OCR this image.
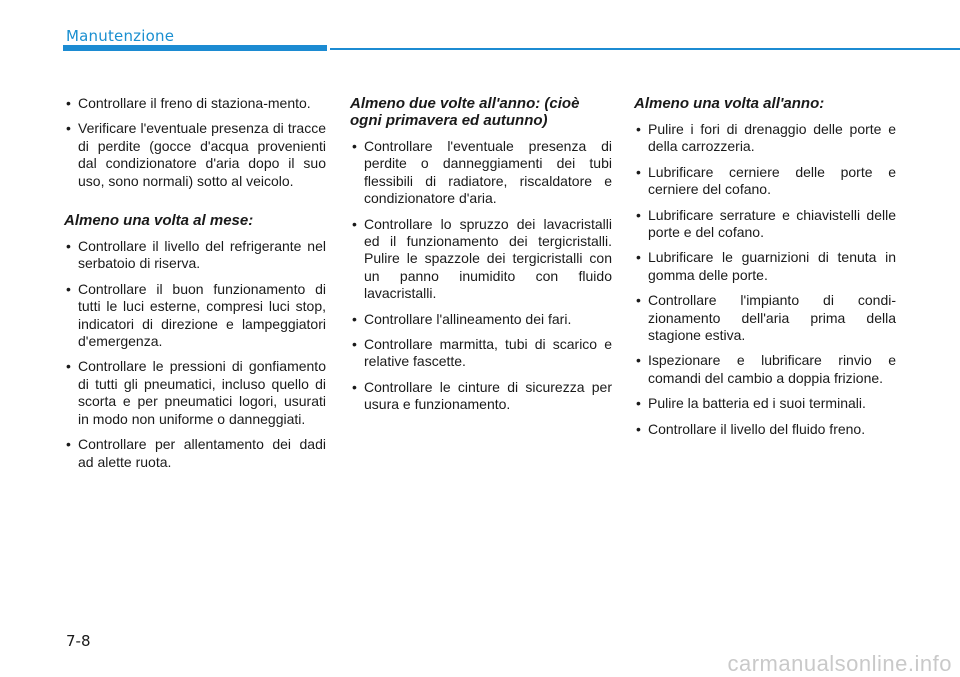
Manutenzione
• Controllare il freno di staziona-mento.
• Verificare l'eventuale presenza di tracce di perdite (gocce d'acqua provenienti dal condizionatore d'aria dopo il suo uso, sono normali) sotto al veicolo.
Almeno una volta al mese:
• Controllare il livello del refrigerante nel serbatoio di riserva.
• Controllare il buon funzionamento di tutti le luci esterne, compresi luci stop, indicatori di direzione e lampeggiatori d'emergenza.
• Controllare le pressioni di gonfiamento di tutti gli pneumatici, incluso quello di scorta e per pneumatici logori, usurati in modo non uniforme o danneggiati.
• Controllare per allentamento dei dadi ad alette ruota.
Almeno due volte all'anno: (cioè ogni primavera ed autunno)
• Controllare l'eventuale presenza di perdite o danneggiamenti dei tubi flessibili di radiatore, riscaldatore e condizionatore d'aria.
• Controllare lo spruzzo dei lavacristalli ed il funzionamento dei tergicristalli. Pulire le spazzole dei tergicristalli con un panno inumidito con fluido lavacristalli.
• Controllare l'allineamento dei fari.
• Controllare marmitta, tubi di scarico e relative fascette.
• Controllare le cinture di sicurezza per usura e funzionamento.
Almeno una volta all'anno:
• Pulire i fori di drenaggio delle porte e della carrozzeria.
• Lubrificare cerniere delle porte e cerniere del cofano.
• Lubrificare serrature e chiavistelli delle porte e del cofano.
• Lubrificare le guarnizioni di tenuta in gomma delle porte.
• Controllare l'impianto di condi-zionamento dell'aria prima della stagione estiva.
• Ispezionare e lubrificare rinvio e comandi del cambio a doppia frizione.
• Pulire la batteria ed i suoi terminali.
• Controllare il livello del fluido freno.
7-8
carmanualsonline.info
